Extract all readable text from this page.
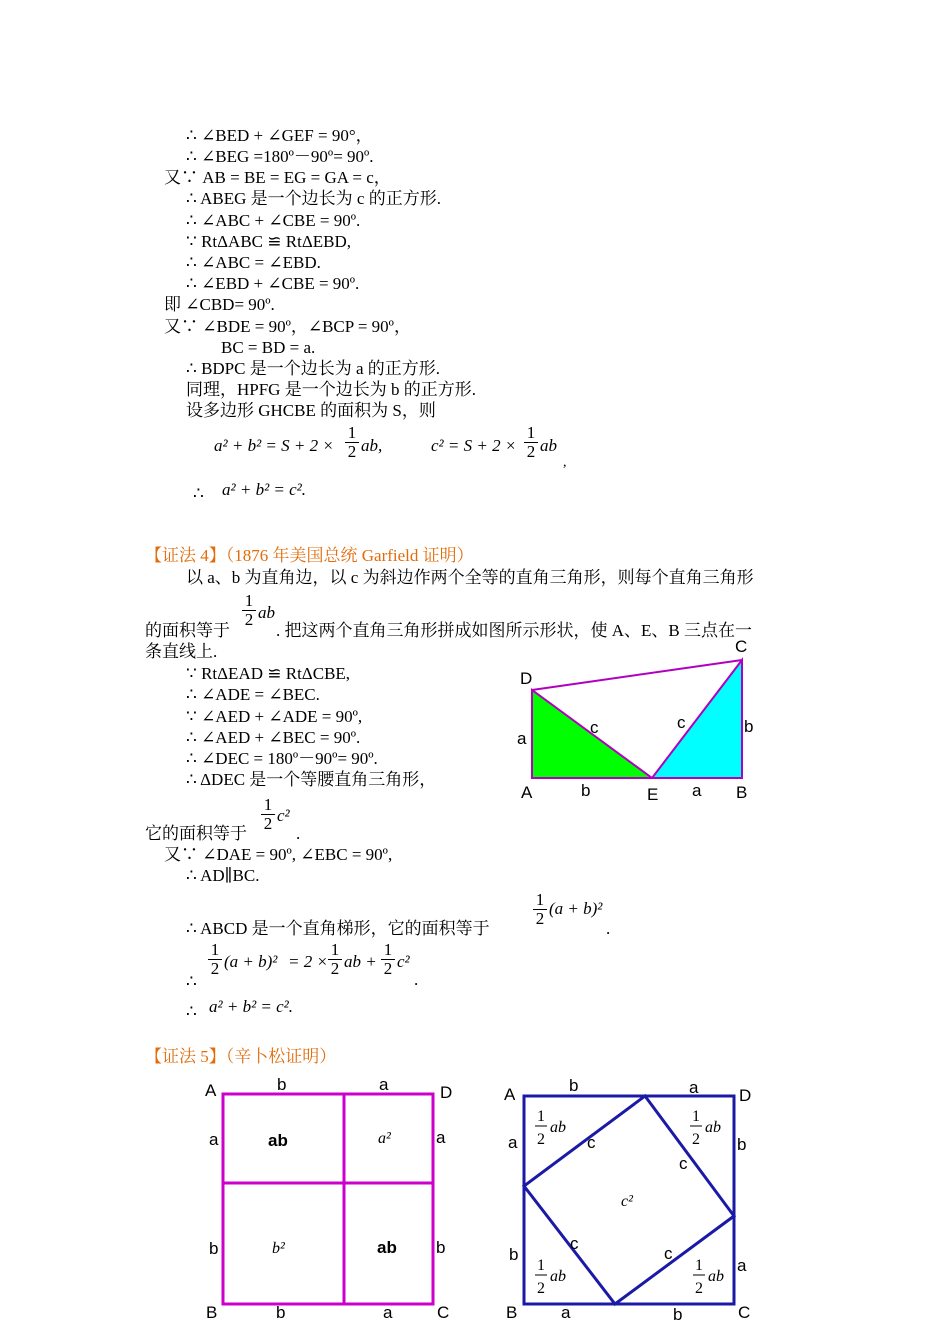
∴ ∠BED + ∠GEF = 90°，
∴ ∠BEG =180º－90º= 90º.
又∵ AB = BE = EG = GA = c，
∴ ABEG 是一个边长为 c 的正方形.
∴ ∠ABC + ∠CBE = 90º.
∵ RtΔABC ≌ RtΔEBD,
∴ ∠ABC = ∠EBD.
∴ ∠EBD + ∠CBE = 90º.
即 ∠CBD= 90º.
又∵ ∠BDE = 90º，∠BCP = 90º，
BC = BD = a.
∴ BDPC 是一个边长为 a 的正方形.
同理，HPFG 是一个边长为 b 的正方形.
设多边形 GHCBE 的面积为 S，则
a² + b² = S + 2 ×
1
2 ab,	c² = S + 2 ×
1
2 ab
,
∴ a² + b² = c².
【证法 4】（1876 年美国总统 Garfield 证明）
以 a、b 为直角边，以 c 为斜边作两个全等的直角三角形，则每个直角三角形
的面积等于
1
2 ab
. 把这两个直角三角形拼成如图所示形状，使 A、E、B 三点在一
条直线上.
∵ RtΔEAD ≌ RtΔCBE,
∴ ∠ADE = ∠BEC.
∵ ∠AED + ∠ADE = 90º,
∴ ∠AED + ∠BEC = 90º.
∴ ∠DEC = 180º－90º= 90º.
∴ ΔDEC 是一个等腰直角三角形，
它的面积等于
1
2 c²
.
又∵ ∠DAE = 90º, ∠EBC = 90º,
∴ AD∥BC.
∴ ABCD 是一个直角梯形，它的面积等于
1
2
(a + b)²
.
1
2 (a + b)² = 2 ×
1
2 ab +
1
2 c²
.
∴
∴ a² + b² = c².
D
C
A	E	B
a
b
c	c
a
b
【证法 5】（辛卜松证明）
A	D
B	C
b	a
b	a
a
b
a
b
ab	a²
b²	ab
A	D
B	C
b	a
a	b
a
b
b
a
c
c
c
c
c²
1
2
ab
1
2
ab
1
2
ab
1
2
ab
